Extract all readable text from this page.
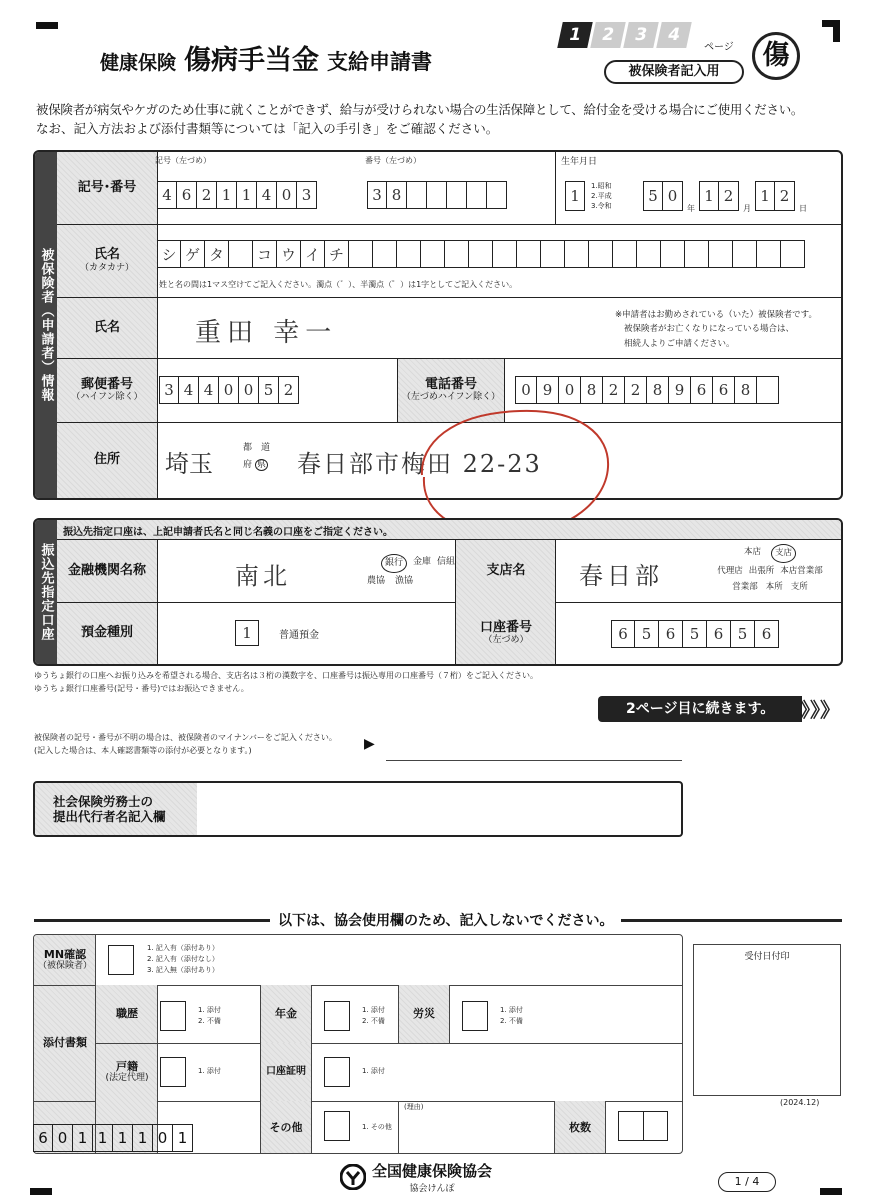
健康保険 傷病手当金 支給申請書
1 2 3 4
ページ
被保険者記入用
傷
被保険者が病気やケガのため仕事に就くことができず、給与が受けられない場合の生活保障として、給付金を受ける場合にご使用ください。
なお、記入方法および添付書類等については「記入の手引き」をご確認ください。
被保険者（申請者）情報
記号･番号
記号（左づめ）	番号（左づめ）
4 6 2 1 1 4 0 3	3 8
生年月日
1
1.昭和
2.平成
3.令和
5 0
年
1 2
月
1 2
日
氏名
（カタカナ）
シ ゲ タ	コ ウ イ チ
姓と名の間は1マス空けてご記入ください。濁点（゛）、半濁点（゜）は1字としてご記入ください。
氏名	重田 幸一
※申請者はお勤めされている（いた）被保険者です。
被保険者がお亡くなりになっている場合は、
相続人よりご申請ください。
郵便番号
（ハイフン除く）	3 4 4 0 0 5 2	電話番号
（左づめハイフン除く）	0 9 0 8 2 2 8 9 6 6 8
住所 埼玉
都　 道
府 県 春日部市梅田 22-23
振込先指定口座
振込先指定口座は、上記申請者氏名と同じ名義の口座をご指定ください。
金融機関名称	南北	銀行	金庫 信組
農協 漁協
支店名 春日部
本店	支店
代理店 出張所 本店営業部
営業部 本所 支所
預金種別	1	普通預金
口座番号
（左づめ）	6 5 6 5 6 5 6
ゆうちょ銀行の口座へお振り込みを希望される場合、支店名は３桁の漢数字を、口座番号は振込専用の口座番号（７桁）をご記入ください。
ゆうちょ銀行口座番号(記号・番号)ではお振込できません。
2ページ目に続きます。	》》》
被保険者の記号・番号が不明の場合は、被保険者のマイナンバーをご記入ください。
(記入した場合は、本人確認書類等の添付が必要となります。)	▶
社会保険労務士の
提出代行者名記入欄
以下は、協会使用欄のため、記入しないでください。
MN確認
（被保険者）
1. 記入有（添付あり）
2. 記入有（添付なし）
3. 記入無（添付あり）
添付書類
職歴	1. 添付
2. 不備
年金	1. 添付
2. 不備
労災	1. 添付
2. 不備
戸籍
(法定代理)
1. 添付	口座証明	1. 添付
その他	1. その他
(理由)
枚数
6 0 1 1 1 1 0 1
受付日付印
(2024.12)
全国健康保険協会
協会けんぽ
1 / 4
